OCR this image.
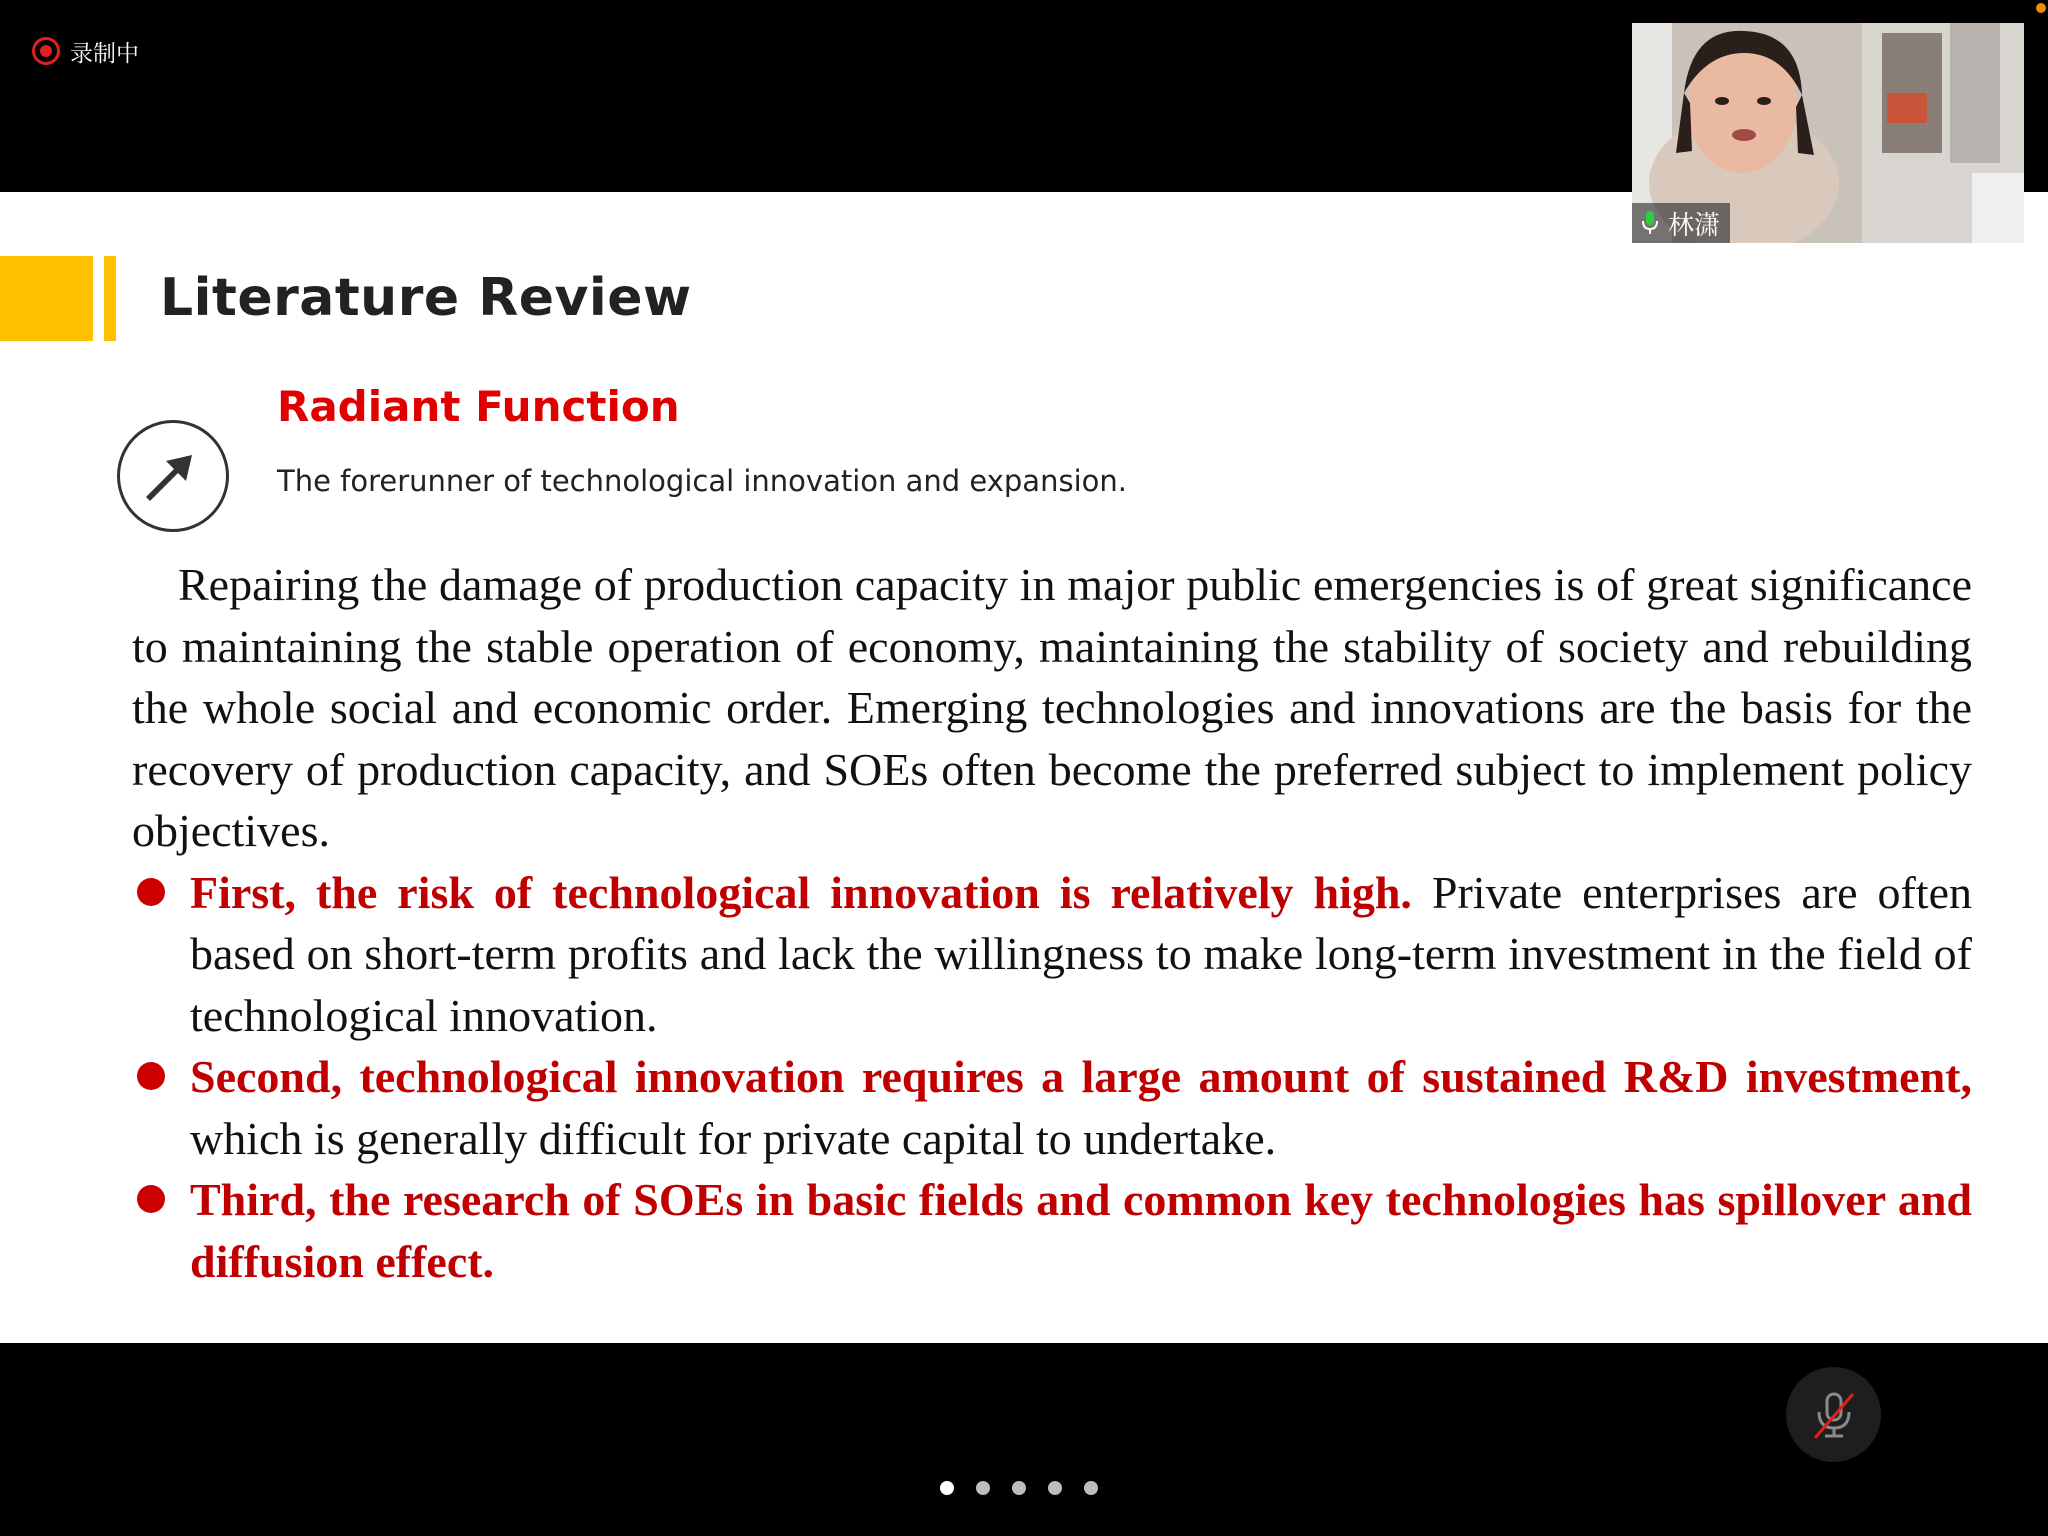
录制中
Literature Review
Radiant Function
The forerunner of technological innovation and expansion.

Repairing the damage of production capacity in major public emergencies is of great significance to maintaining the stable operation of economy, maintaining the stability of society and rebuilding the whole social and economic order. Emerging technologies and innovations are the basis for the recovery of production capacity, and SOEs often become the preferred subject to implement policy objectives.

First, the risk of technological innovation is relatively high. Private enterprises are often based on short-term profits and lack the willingness to make long-term investment in the field of technological innovation.
Second, technological innovation requires a large amount of sustained R&D investment, which is generally difficult for private capital to undertake.
Third, the research of SOEs in basic fields and common key technologies has spillover and diffusion effect.
林潇
